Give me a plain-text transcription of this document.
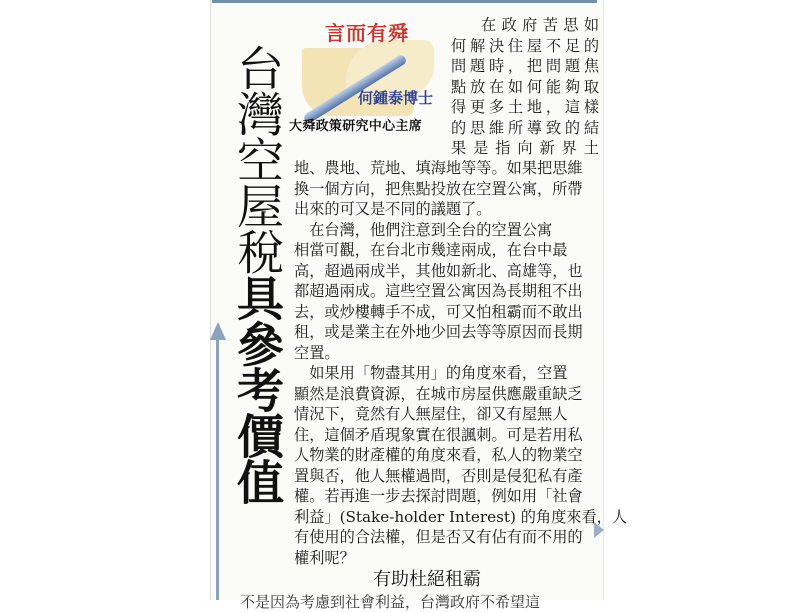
台灣空屋稅具參考價值
言而有舜
何鍾泰博士
大舜政策研究中心主席
在政府苦思如
何解決住屋不足的
問題時，把問題焦
點放在如何能夠取
得更多土地，這樣
的思維所導致的結
果是指向新界土
地、農地、荒地、填海地等等。如果把思維
換一個方向，把焦點投放在空置公寓，所帶
出來的可又是不同的議題了。
　在台灣，他們注意到全台的空置公寓
相當可觀，在台北市幾逹兩成，在台中最
高，超過兩成半，其他如新北、高雄等，也
都超過兩成。這些空置公寓因為長期租不出
去，或炒樓轉手不成，可又怕租霸而不敢出
租，或是業主在外地少回去等等原因而長期
空置。
　如果用「物盡其用」的角度來看，空置
顯然是浪費資源，在城市房屋供應嚴重缺乏
情況下，竟然有人無屋住，卻又有屋無人
住，這個矛盾現象實在很諷刺。可是若用私
人物業的財產權的角度來看，私人的物業空
置與否，他人無權過問，否則是侵犯私有產
權。若再進一步去探討問題，例如用「社會
利益」(Stake-holder Interest) 的角度來看，人
有使用的合法權，但是否又有佔有而不用的
權利呢？
有助杜絕租霸
不是因為考慮到社會利益，台灣政府不希望這
